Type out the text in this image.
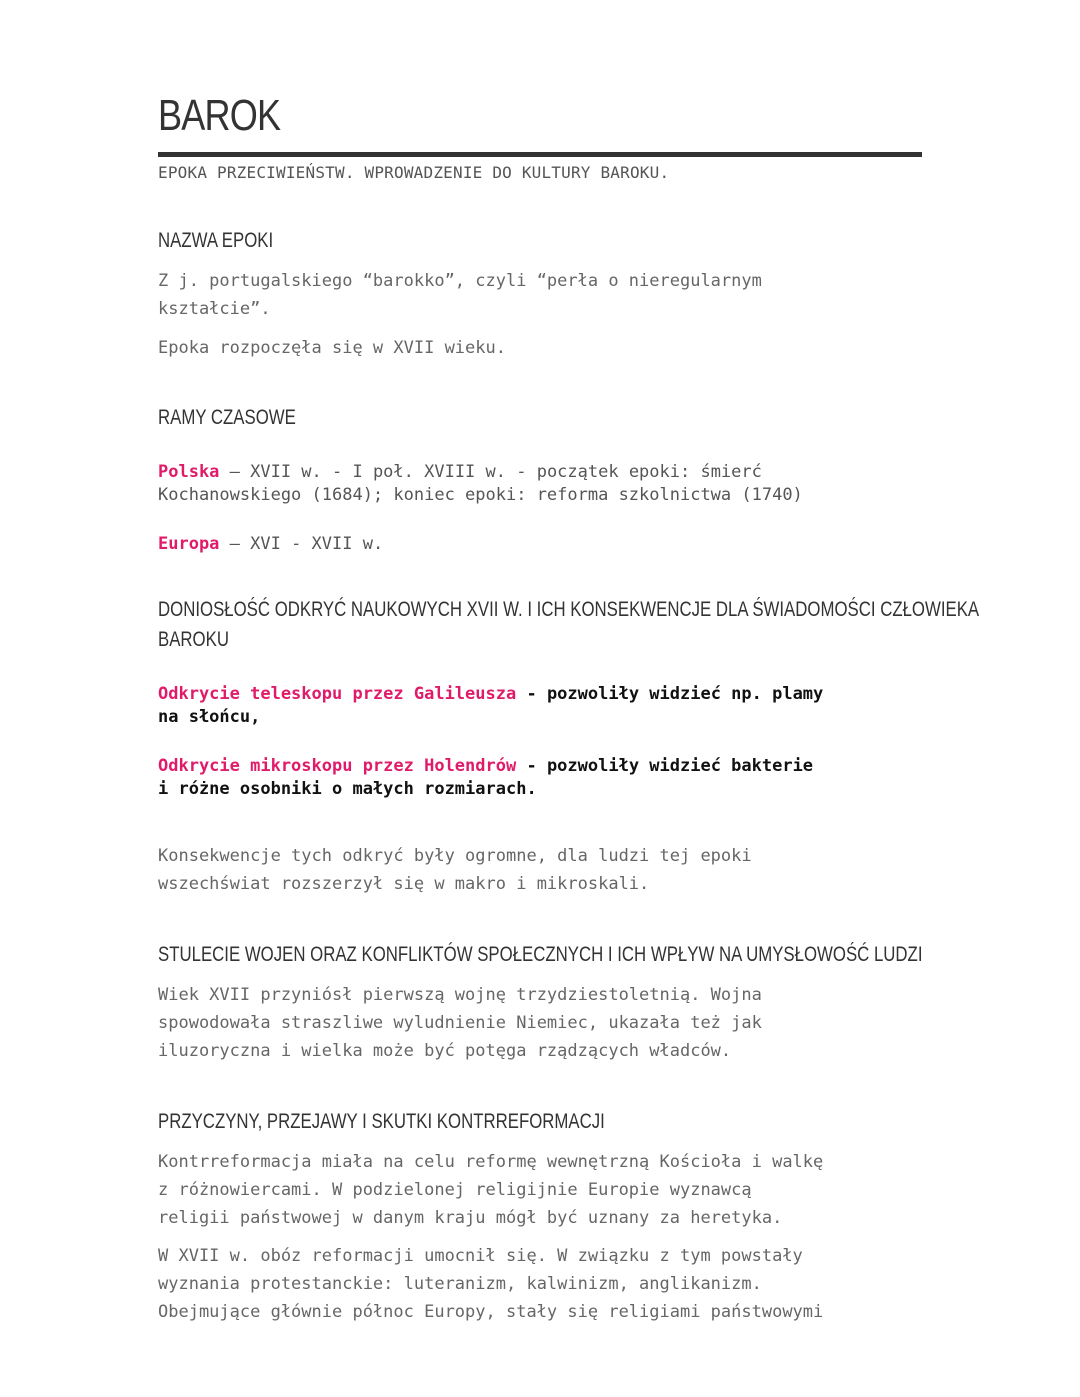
BAROK

EPOKA PRZECIWIEŃSTW. WPROWADZENIE DO KULTURY BAROKU.

NAZWA EPOKI

Z j. portugalskiego “barokko”, czyli “perła o nieregularnym
kształcie”.

Epoka rozpoczęła się w XVII wieku.

RAMY CZASOWE

Polska – XVII w. - I poł. XVIII w. - początek epoki: śmierć
Kochanowskiego (1684); koniec epoki: reforma szkolnictwa (1740)

Europa – XVI - XVII w.

DONIOSŁOŚĆ ODKRYĆ NAUKOWYCH XVII W. I ICH KONSEKWENCJE DLA ŚWIADOMOŚCI CZŁOWIEKA
BAROKU

Odkrycie teleskopu przez Galileusza - pozwoliły widzieć np. plamy
na słońcu,

Odkrycie mikroskopu przez Holendrów - pozwoliły widzieć bakterie
i różne osobniki o małych rozmiarach.

Konsekwencje tych odkryć były ogromne, dla ludzi tej epoki
wszechświat rozszerzył się w makro i mikroskali.

STULECIE WOJEN ORAZ KONFLIKTÓW SPOŁECZNYCH I ICH WPŁYW NA UMYSŁOWOŚĆ LUDZI

Wiek XVII przyniósł pierwszą wojnę trzydziestoletnią. Wojna
spowodowała straszliwe wyludnienie Niemiec, ukazała też jak
iluzoryczna i wielka może być potęga rządzących władców.

PRZYCZYNY, PRZEJAWY I SKUTKI KONTRREFORMACJI

Kontrreformacja miała na celu reformę wewnętrzną Kościoła i walkę
z różnowiercami. W podzielonej religijnie Europie wyznawcą
religii państwowej w danym kraju mógł być uznany za heretyka.

W XVII w. obóz reformacji umocnił się. W związku z tym powstały
wyznania protestanckie: luteranizm, kalwinizm, anglikanizm.
Obejmujące głównie północ Europy, stały się religiami państwowymi
